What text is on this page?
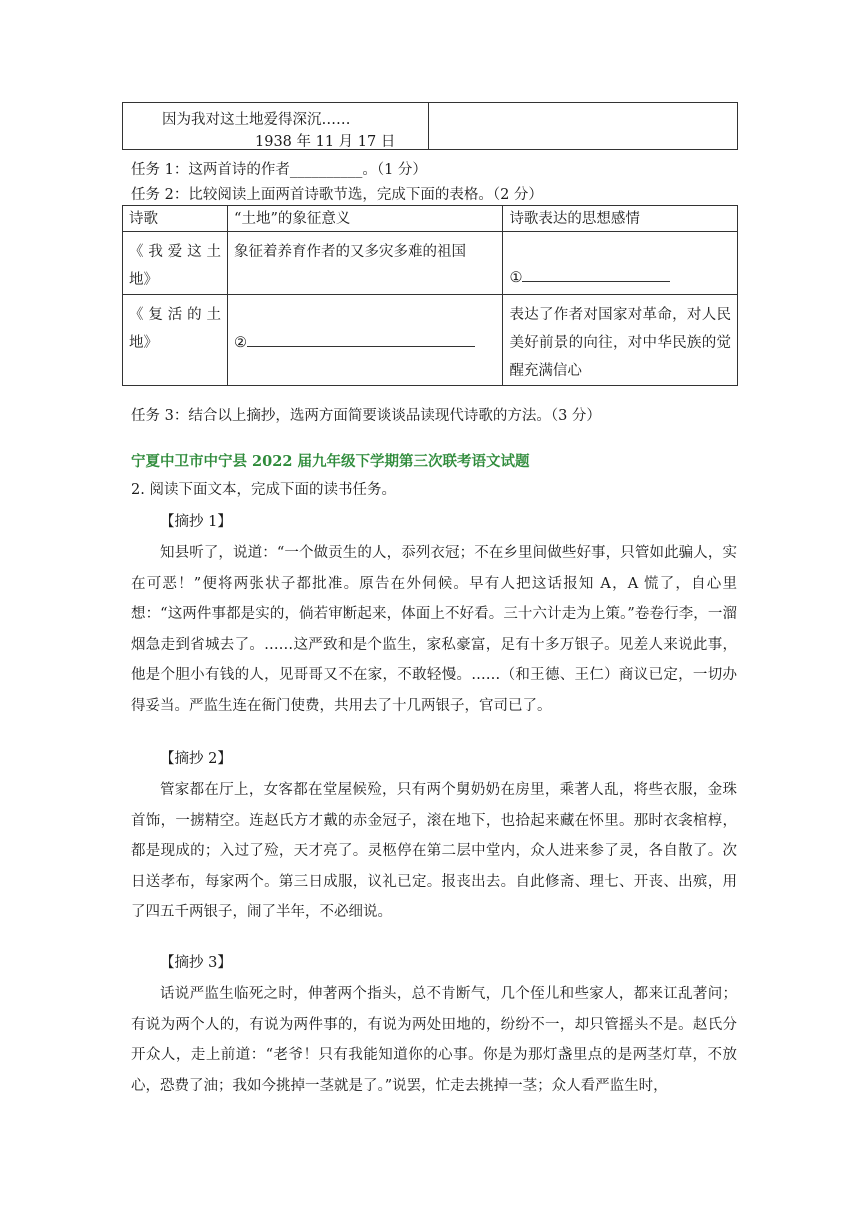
因为我对这土地爱得深沉……
1938 年 11 月 17 日

任务 1：这两首诗的作者__________。（1 分）
任务 2：比较阅读上面两首诗歌节选，完成下面的表格。（2 分）
诗歌	“土地”的象征意义	诗歌表达的思想感情
《我爱这土地》	象征着养育作者的又多灾多难的祖国	①
《复活的土地》	②	表达了作者对国家对革命，对人民美好前景的向往，对中华民族的觉醒充满信心
任务 3：结合以上摘抄，选两方面简要谈谈品读现代诗歌的方法。（3 分）
宁夏中卫市中宁县 2022 届九年级下学期第三次联考语文试题
2. 阅读下面文本，完成下面的读书任务。
【摘抄 1】
知县听了，说道：“一个做贡生的人，忝列衣冠；不在乡里间做些好事，只管如此骗人，实在可恶！”便将两张状子都批准。原告在外伺候。早有人把这话报知 A，A 慌了，自心里想：“这两件事都是实的，倘若审断起来，体面上不好看。三十六计走为上策。”卷卷行李，一溜烟急走到省城去了。……这严致和是个监生，家私豪富，足有十多万银子。见差人来说此事，他是个胆小有钱的人，见哥哥又不在家，不敢轻慢。……（和王德、王仁）商议已定，一切办得妥当。严监生连在衙门使费，共用去了十几两银子，官司已了。
【摘抄 2】
管家都在厅上，女客都在堂屋候殓，只有两个舅奶奶在房里，乘著人乱，将些衣服，金珠首饰，一掳精空。连赵氏方才戴的赤金冠子，滚在地下，也拾起来藏在怀里。那时衣衾棺椁，都是现成的；入过了殓，天才亮了。灵柩停在第二层中堂内，众人进来参了灵，各自散了。次日送孝布，每家两个。第三日成服，议礼已定。报丧出去。自此修斋、理七、开丧、出殡，用了四五千两银子，闹了半年，不必细说。
【摘抄 3】
话说严监生临死之时，伸著两个指头，总不肯断气，几个侄儿和些家人，都来讧乱著问；有说为两个人的，有说为两件事的，有说为两处田地的，纷纷不一，却只管摇头不是。赵氏分开众人，走上前道：“老爷！只有我能知道你的心事。你是为那灯盏里点的是两茎灯草，不放心，恐费了油；我如今挑掉一茎就是了。”说罢，忙走去挑掉一茎；众人看严监生时，
